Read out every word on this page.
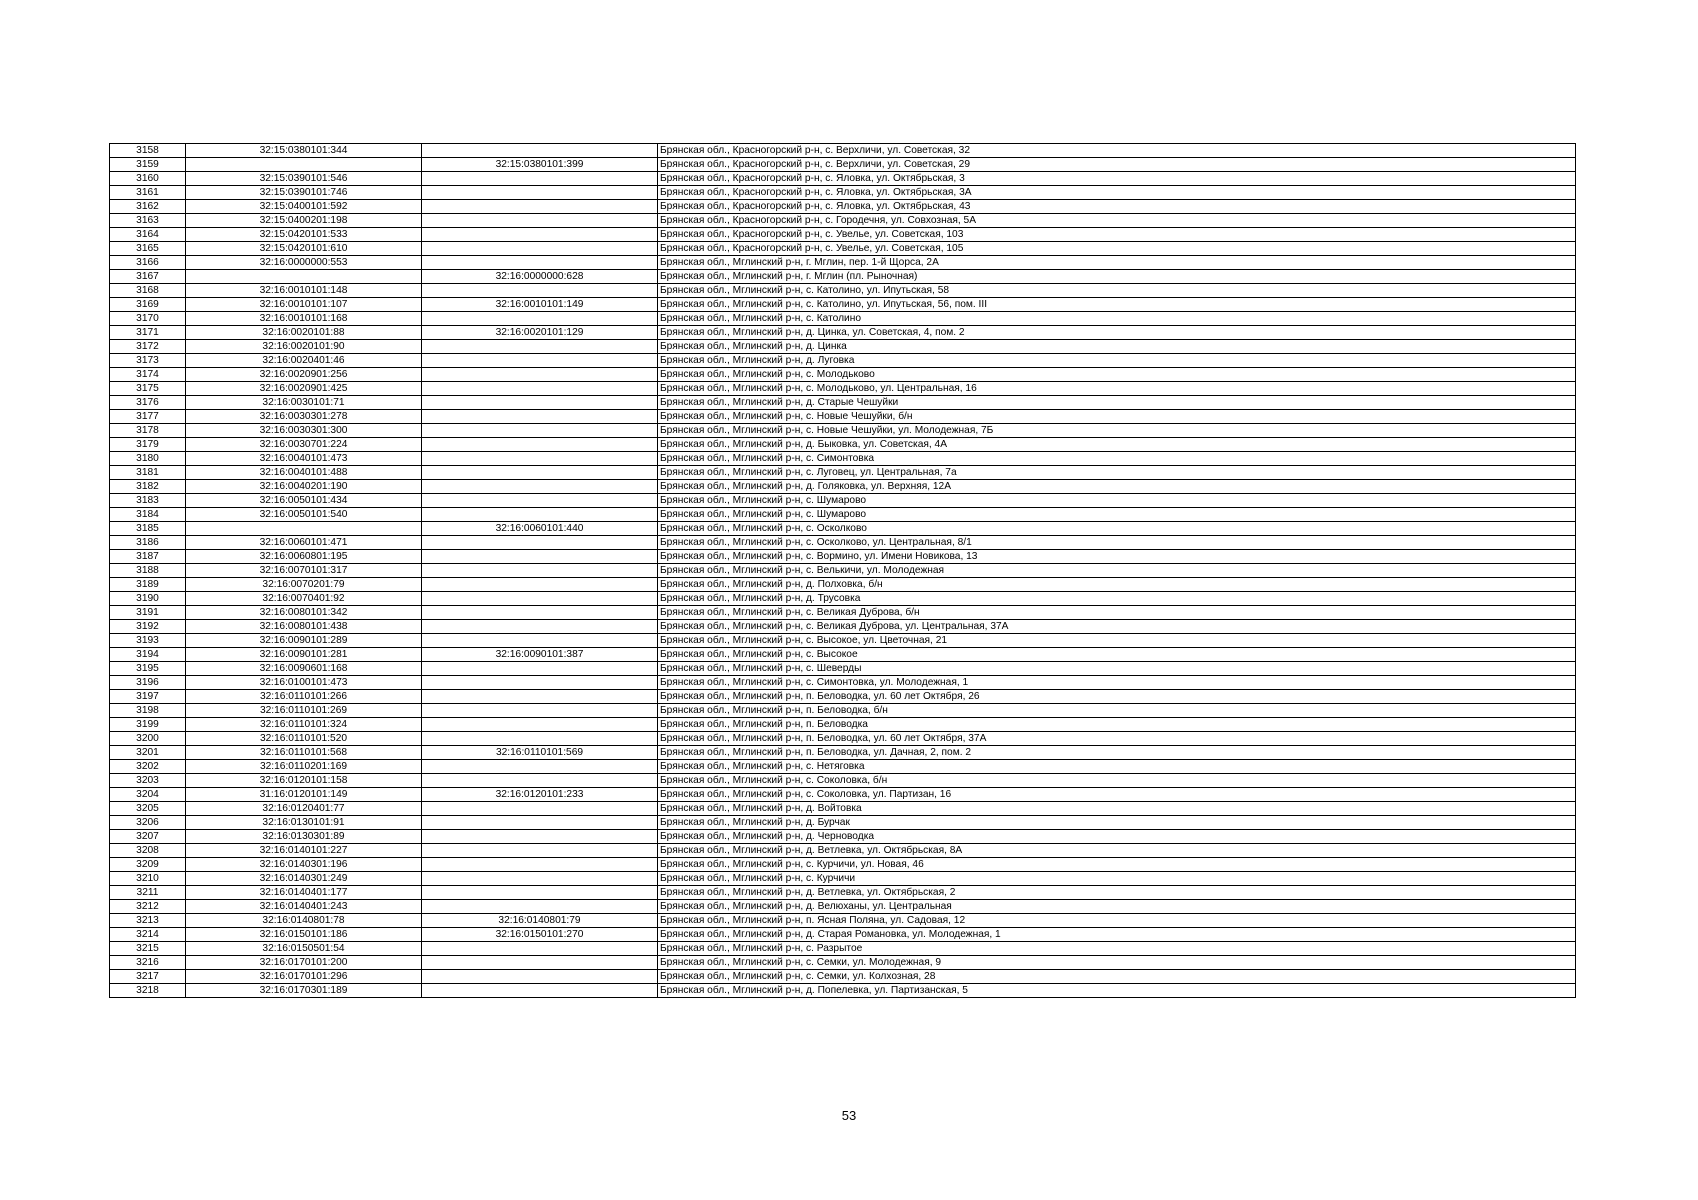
3158	32:15:0380101:344		Брянская обл., Красногорский р-н, с. Верхличи, ул. Советская, 32
3159		32:15:0380101:399	Брянская обл., Красногорский р-н, с. Верхличи, ул. Советская, 29
3160	32:15:0390101:546		Брянская обл., Красногорский р-н, с. Яловка, ул. Октябрьская, 3
3161	32:15:0390101:746		Брянская обл., Красногорский р-н, с. Яловка, ул. Октябрьская, 3А
3162	32:15:0400101:592		Брянская обл., Красногорский р-н, с. Яловка, ул. Октябрьская, 43
3163	32:15:0400201:198		Брянская обл., Красногорский р-н, с. Городечня, ул. Совхозная, 5А
3164	32:15:0420101:533		Брянская обл., Красногорский р-н, с. Увелье, ул. Советская, 103
3165	32:15:0420101:610		Брянская обл., Красногорский р-н, с. Увелье, ул. Советская, 105
3166	32:16:0000000:553		Брянская обл., Мглинский р-н, г. Мглин, пер. 1-й Щорса, 2А
3167		32:16:0000000:628	Брянская обл., Мглинский р-н, г. Мглин (пл. Рыночная)
3168	32:16:0010101:148		Брянская обл., Мглинский р-н, с. Католино, ул. Ипутьская, 58
3169	32:16:0010101:107	32:16:0010101:149	Брянская обл., Мглинский р-н, с. Католино, ул. Ипутьская, 56, пом. III
3170	32:16:0010101:168		Брянская обл., Мглинский р-н, с. Католино
3171	32:16:0020101:88	32:16:0020101:129	Брянская обл., Мглинский р-н, д. Цинка, ул. Советская, 4, пом. 2
3172	32:16:0020101:90		Брянская обл., Мглинский р-н, д. Цинка
3173	32:16:0020401:46		Брянская обл., Мглинский р-н, д. Луговка
3174	32:16:0020901:256		Брянская обл., Мглинский р-н, с. Молодьково
3175	32:16:0020901:425		Брянская обл., Мглинский р-н, с. Молодьково, ул. Центральная, 16
3176	32:16:0030101:71		Брянская обл., Мглинский р-н, д. Старые Чешуйки
3177	32:16:0030301:278		Брянская обл., Мглинский р-н, с. Новые Чешуйки, б/н
3178	32:16:0030301:300		Брянская обл., Мглинский р-н, с. Новые Чешуйки, ул. Молодежная, 7Б
3179	32:16:0030701:224		Брянская обл., Мглинский р-н, д. Быковка, ул. Советская, 4А
3180	32:16:0040101:473		Брянская обл., Мглинский р-н, с. Симонтовка
3181	32:16:0040101:488		Брянская обл., Мглинский р-н, с. Луговец, ул. Центральная, 7а
3182	32:16:0040201:190		Брянская обл., Мглинский р-н, д. Голяковка, ул. Верхняя, 12А
3183	32:16:0050101:434		Брянская обл., Мглинский р-н, с. Шумарово
3184	32:16:0050101:540		Брянская обл., Мглинский р-н, с. Шумарово
3185		32:16:0060101:440	Брянская обл., Мглинский р-н, с. Осколково
3186	32:16:0060101:471		Брянская обл., Мглинский р-н, с. Осколково, ул. Центральная, 8/1
3187	32:16:0060801:195		Брянская обл., Мглинский р-н, с. Вормино, ул. Имени Новикова, 13
3188	32:16:0070101:317		Брянская обл., Мглинский р-н, с. Велькичи, ул. Молодежная
3189	32:16:0070201:79		Брянская обл., Мглинский р-н, д. Полховка, б/н
3190	32:16:0070401:92		Брянская обл., Мглинский р-н, д. Трусовка
3191	32:16:0080101:342		Брянская обл., Мглинский р-н, с. Великая Дуброва, б/н
3192	32:16:0080101:438		Брянская обл., Мглинский р-н, с. Великая Дуброва, ул. Центральная, 37А
3193	32:16:0090101:289		Брянская обл., Мглинский р-н, с. Высокое, ул. Цветочная, 21
3194	32:16:0090101:281	32:16:0090101:387	Брянская обл., Мглинский р-н, с. Высокое
3195	32:16:0090601:168		Брянская обл., Мглинский р-н, с. Шеверды
3196	32:16:0100101:473		Брянская обл., Мглинский р-н, с. Симонтовка, ул. Молодежная, 1
3197	32:16:0110101:266		Брянская обл., Мглинский р-н, п. Беловодка, ул. 60 лет Октября, 26
3198	32:16:0110101:269		Брянская обл., Мглинский р-н, п. Беловодка, б/н
3199	32:16:0110101:324		Брянская обл., Мглинский р-н, п. Беловодка
3200	32:16:0110101:520		Брянская обл., Мглинский р-н, п. Беловодка, ул. 60 лет Октября, 37А
3201	32:16:0110101:568	32:16:0110101:569	Брянская обл., Мглинский р-н, п. Беловодка, ул. Дачная, 2, пом. 2
3202	32:16:0110201:169		Брянская обл., Мглинский р-н, с. Нетяговка
3203	32:16:0120101:158		Брянская обл., Мглинский р-н, с. Соколовка, б/н
3204	31:16:0120101:149	32:16:0120101:233	Брянская обл., Мглинский р-н, с. Соколовка, ул. Партизан, 16
3205	32:16:0120401:77		Брянская обл., Мглинский р-н, д. Войтовка
3206	32:16:0130101:91		Брянская обл., Мглинский р-н, д. Бурчак
3207	32:16:0130301:89		Брянская обл., Мглинский р-н, д. Черноводка
3208	32:16:0140101:227		Брянская обл., Мглинский р-н, д. Ветлевка, ул. Октябрьская, 8А
3209	32:16:0140301:196		Брянская обл., Мглинский р-н, с. Курчичи, ул. Новая, 46
3210	32:16:0140301:249		Брянская обл., Мглинский р-н, с. Курчичи
3211	32:16:0140401:177		Брянская обл., Мглинский р-н, д. Ветлевка, ул. Октябрьская, 2
3212	32:16:0140401:243		Брянская обл., Мглинский р-н, д. Велюханы, ул. Центральная
3213	32:16:0140801:78	32:16:0140801:79	Брянская обл., Мглинский р-н, п. Ясная Поляна, ул. Садовая, 12
3214	32:16:0150101:186	32:16:0150101:270	Брянская обл., Мглинский р-н, д. Старая Романовка, ул. Молодежная, 1
3215	32:16:0150501:54		Брянская обл., Мглинский р-н, с. Разрытое
3216	32:16:0170101:200		Брянская обл., Мглинский р-н, с. Семки, ул. Молодежная, 9
3217	32:16:0170101:296		Брянская обл., Мглинский р-н, с. Семки, ул. Колхозная, 28
3218	32:16:0170301:189		Брянская обл., Мглинский р-н, д. Попелевка, ул. Партизанская, 5
53
